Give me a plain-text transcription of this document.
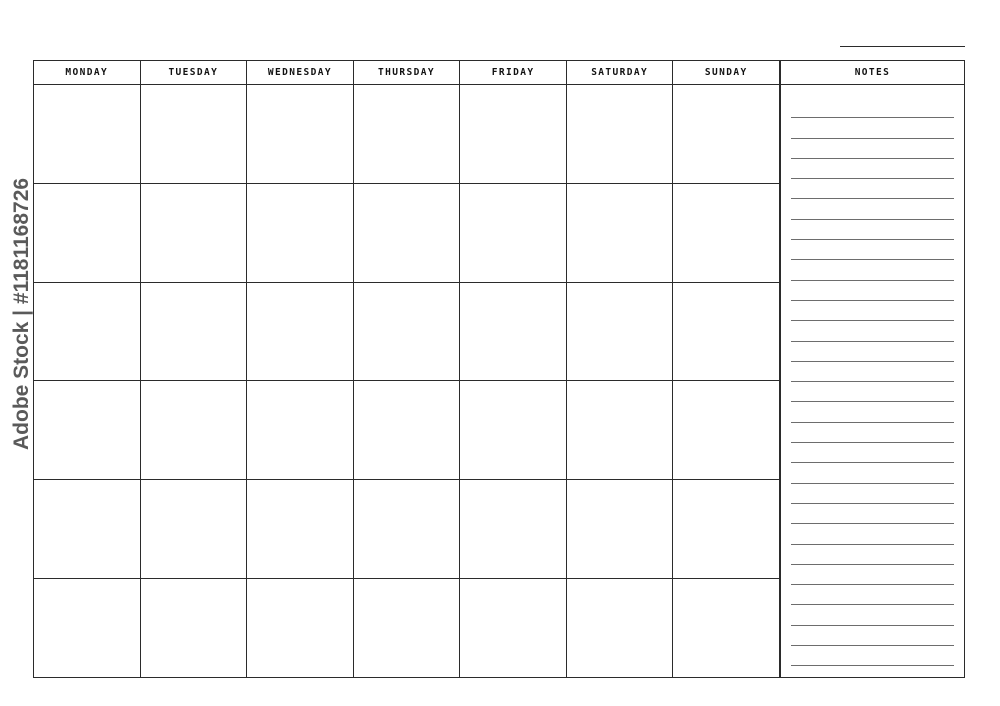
Adobe Stock | #1181168726
MONDAY	TUESDAY	WEDNESDAY	THURSDAY	FRIDAY	SATURDAY	SUNDAY	NOTES
